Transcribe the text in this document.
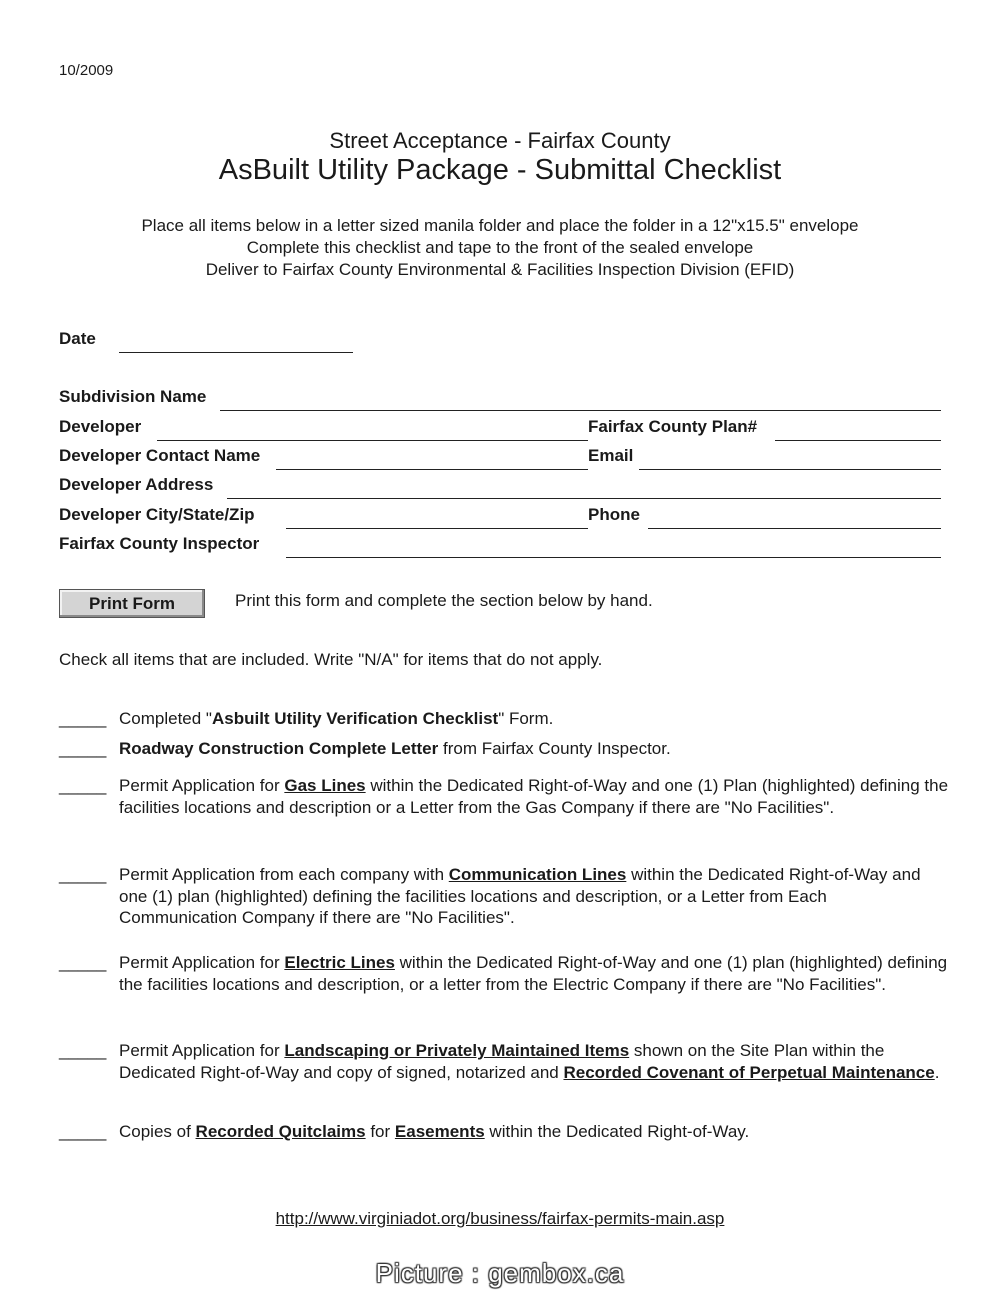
10/2009
Street Acceptance - Fairfax County
AsBuilt Utility Package - Submittal Checklist
Place all items below in a letter sized manila folder and place the folder in a 12"x15.5" envelope
Complete this checklist and tape to the front of the sealed envelope
Deliver to Fairfax County Environmental & Facilities Inspection Division (EFID)
Date
Subdivision Name
Developer	Fairfax County Plan#
Developer Contact Name	Email
Developer Address
Developer City/State/Zip	Phone
Fairfax County Inspector
Print Form	Print this form and complete the section below by hand.
Check all items that are included. Write "N/A" for items that do not apply.
_____ Completed "Asbuilt Utility Verification Checklist" Form.
_____ Roadway Construction Complete Letter from Fairfax County Inspector.
_____ Permit Application for Gas Lines within the Dedicated Right-of-Way and one (1) Plan (highlighted) defining the facilities locations and description or a Letter from the Gas Company if there are "No Facilities".
_____ Permit Application from each company with Communication Lines within the Dedicated Right-of-Way and one (1) plan (highlighted) defining the facilities locations and description, or a Letter from Each Communication Company if there are "No Facilities".
_____ Permit Application for Electric Lines within the Dedicated Right-of-Way and one (1) plan (highlighted) defining the facilities locations and description, or a letter from the Electric Company if there are "No Facilities".
_____ Permit Application for Landscaping or Privately Maintained Items shown on the Site Plan within the Dedicated Right-of-Way and copy of signed, notarized and Recorded Covenant of Perpetual Maintenance.
_____ Copies of Recorded Quitclaims for Easements within the Dedicated Right-of-Way.
http://www.virginiadot.org/business/fairfax-permits-main.asp
Picture : gembox.ca
